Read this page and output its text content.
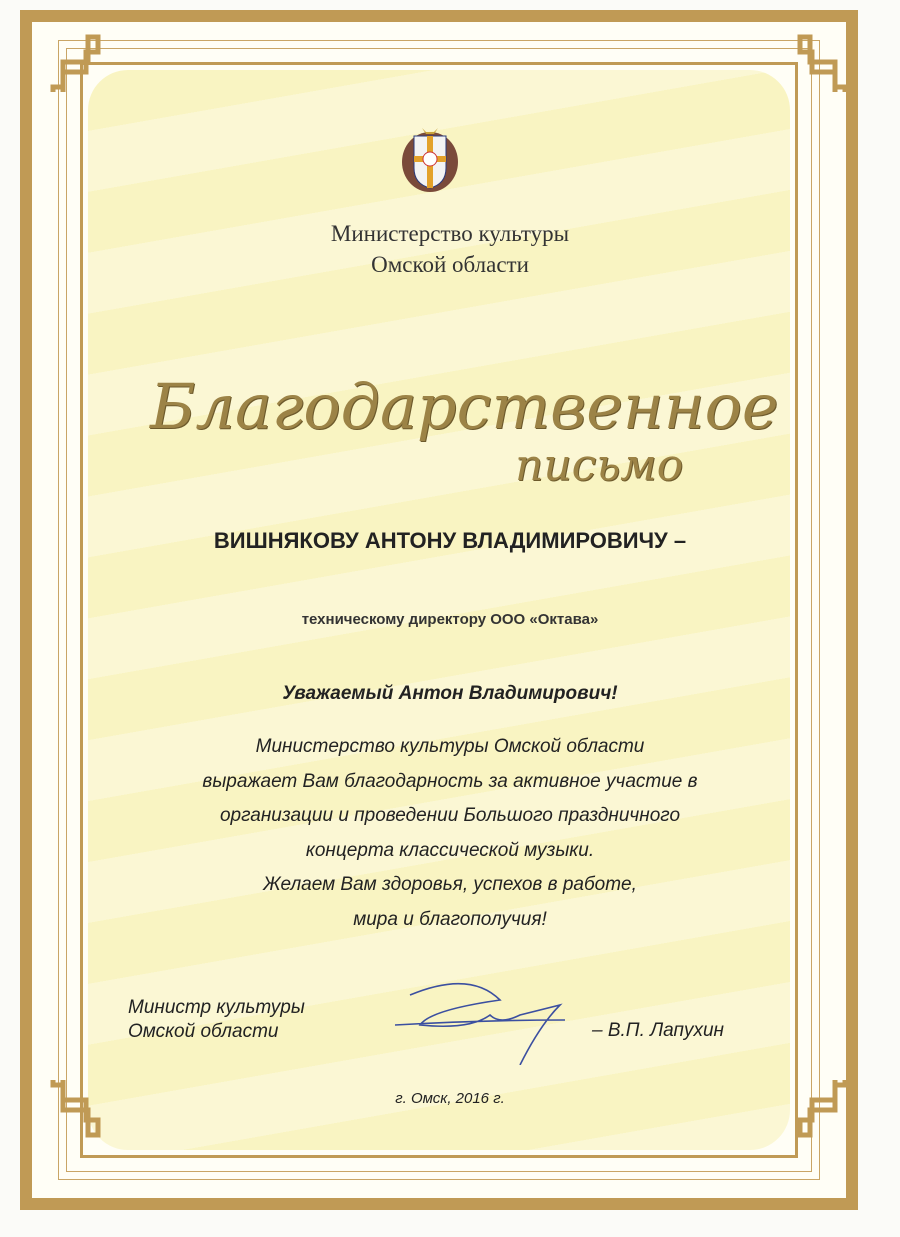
Министерство культуры
Омской области
Благодарственное
письмо
ВИШНЯКОВУ АНТОНУ ВЛАДИМИРОВИЧУ –
техническому директору ООО «Октава»
Уважаемый Антон Владимирович!
Министерство культуры Омской области
выражает Вам благодарность за активное участие в
организации и проведении Большого праздничного
концерта классической музыки.
Желаем Вам здоровья, успехов в работе,
мира и благополучия!
Министр культуры
Омской области	– В.П. Лапухин
г. Омск, 2016 г.
